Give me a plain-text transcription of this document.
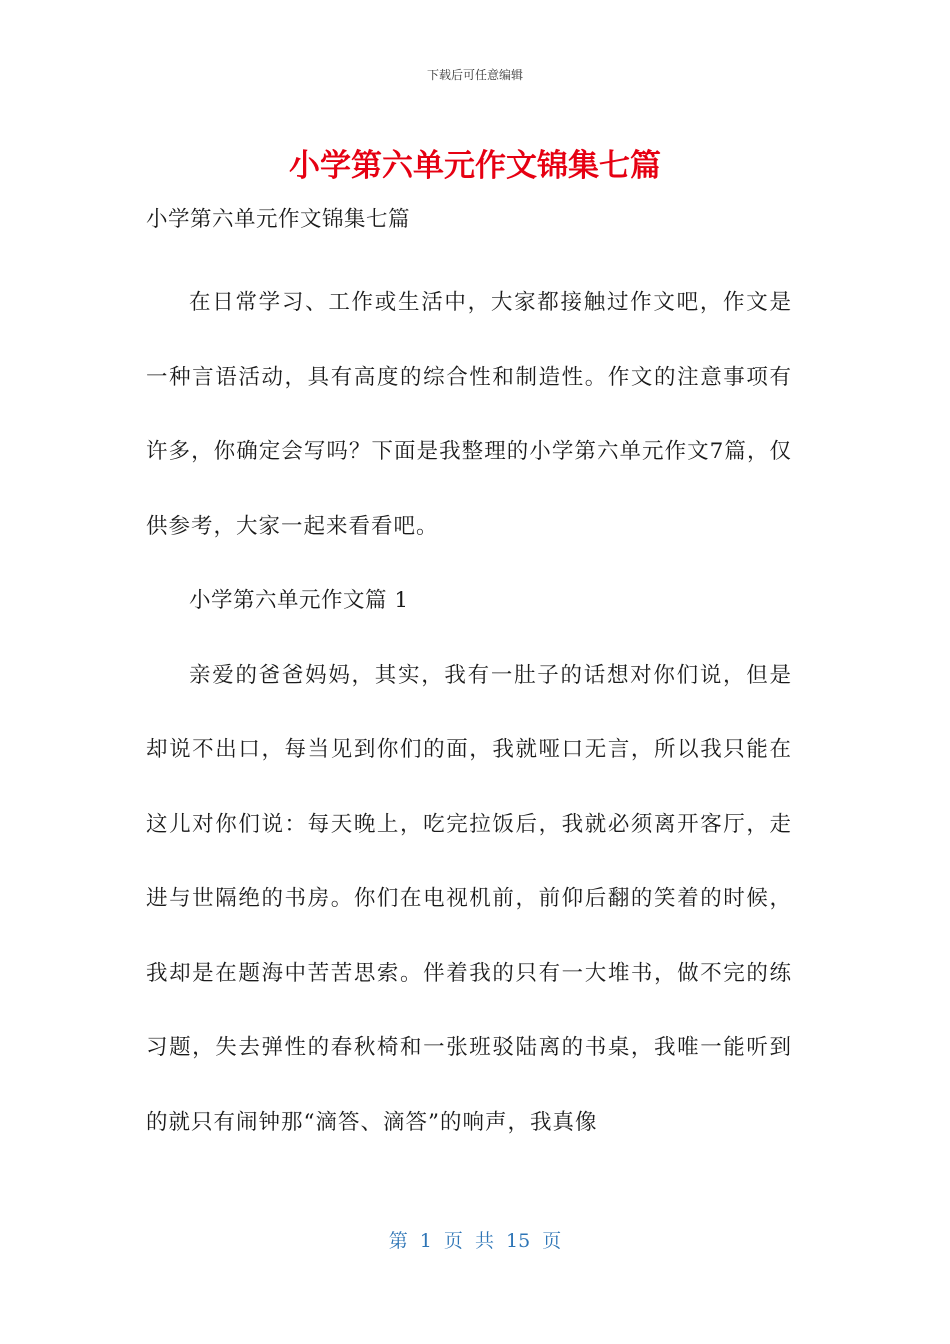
下载后可任意编辑
小学第六单元作文锦集七篇

小学第六单元作文锦集七篇

在日常学习、工作或生活中，大家都接触过作文吧，作文是一种言语活动，具有高度的综合性和制造性。作文的注意事项有许多，你确定会写吗？下面是我整理的小学第六单元作文7篇，仅供参考，大家一起来看看吧。

小学第六单元作文篇 1

亲爱的爸爸妈妈，其实，我有一肚子的话想对你们说，但是却说不出口，每当见到你们的面，我就哑口无言，所以我只能在这儿对你们说：每天晚上，吃完拉饭后，我就必须离开客厅，走进与世隔绝的书房。你们在电视机前，前仰后翻的笑着的时候，我却是在题海中苦苦思索。伴着我的只有一大堆书，做不完的练习题，失去弹性的春秋椅和一张班驳陆离的书桌，我唯一能听到的就只有闹钟那“滴答、滴答”的响声，我真像

第 1 页 共 15 页
